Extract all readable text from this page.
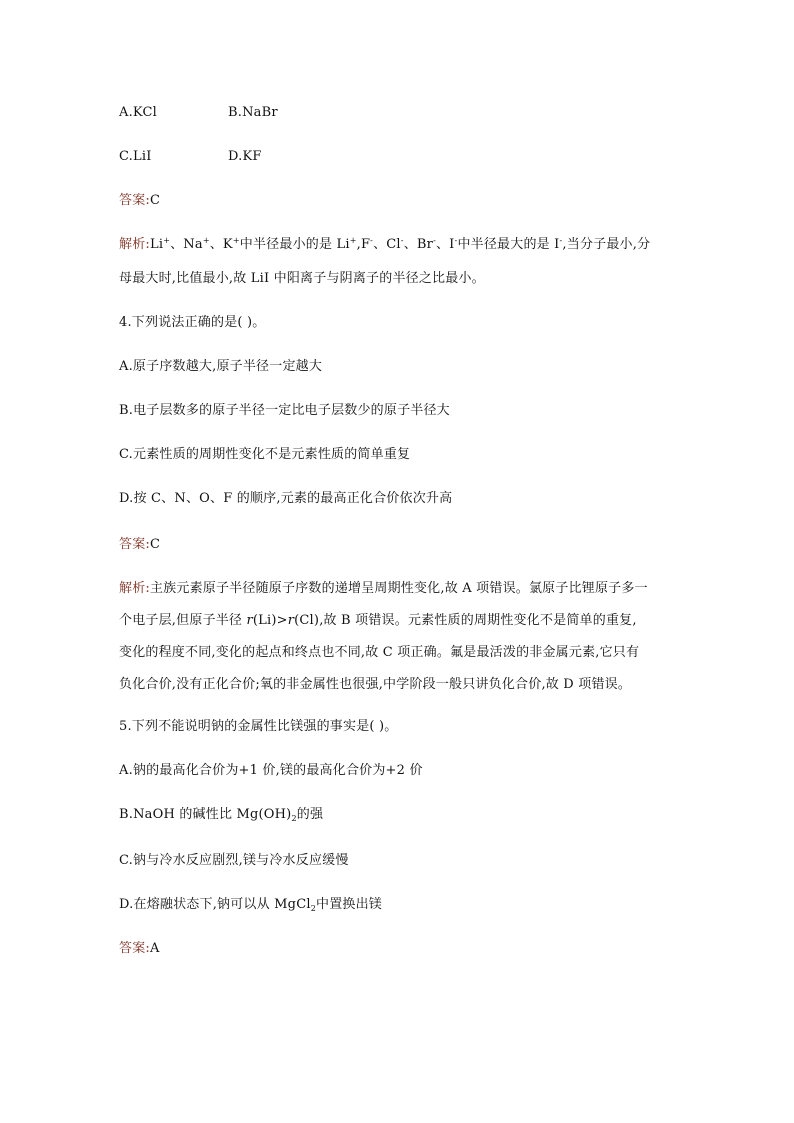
A.KCl	B.NaBr
C.LiI	D.KF
答案:C
解析:Li+、Na+、K+中半径最小的是 Li+,F-、Cl-、Br-、I-中半径最大的是 I-,当分子最小,分
母最大时,比值最小,故 LiI 中阳离子与阴离子的半径之比最小。
4.下列说法正确的是( )。
A.原子序数越大,原子半径一定越大
B.电子层数多的原子半径一定比电子层数少的原子半径大
C.元素性质的周期性变化不是元素性质的简单重复
D.按 C、N、O、F 的顺序,元素的最高正化合价依次升高
答案:C
解析:主族元素原子半径随原子序数的递增呈周期性变化,故 A 项错误。氯原子比锂原子多一
个电子层,但原子半径 r(Li)>r(Cl),故 B 项错误。元素性质的周期性变化不是简单的重复,
变化的程度不同,变化的起点和终点也不同,故 C 项正确。氟是最活泼的非金属元素,它只有
负化合价,没有正化合价;氧的非金属性也很强,中学阶段一般只讲负化合价,故 D 项错误。
5.下列不能说明钠的金属性比镁强的事实是( )。
A.钠的最高化合价为+1 价,镁的最高化合价为+2 价
B.NaOH 的碱性比 $Mg(OH)_2$的强
C.钠与冷水反应剧烈,镁与冷水反应缓慢
D.在熔融状态下,钠可以从 MgCl$_2$中置换出镁
答案:A
